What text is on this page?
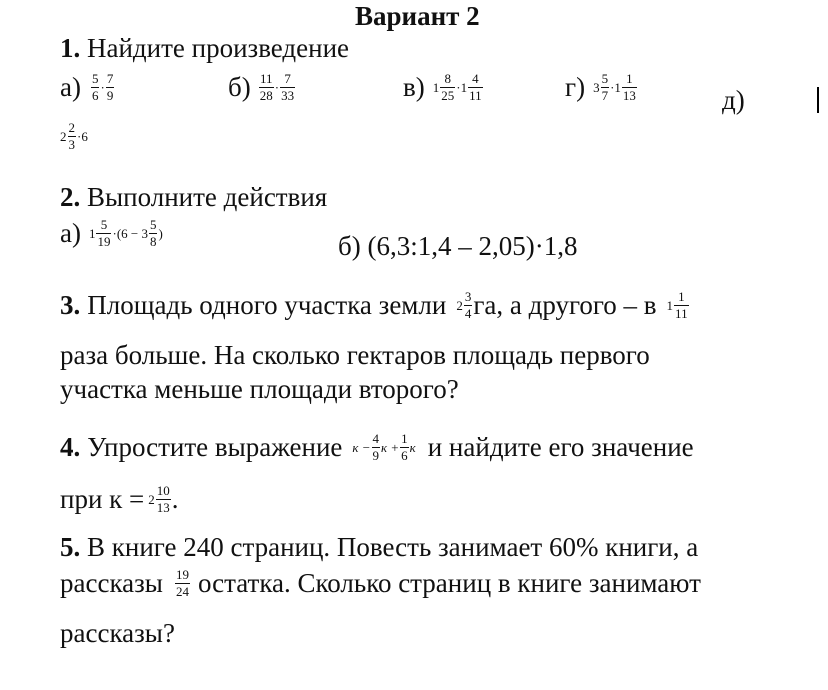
Вариант 2
1. Найдите произведение
а) 5
6
·
7
9	б) 11
28
·
7
33	в) 1
8
25
· 1
4
11	г) 3
5
7
· 1
1
13	д)
2
2
3
· 6
2. Выполните действия
а) 1
5
19
·(6 − 3
5
8
)	б) (6,3:1,4 – 2,05)·1,8
3. Площадь одного участка земли 2
3
4 га, а другого – в 1
1
11
раза больше. На сколько гектаров площадь первого
участка меньше площади второго?
4. Упростите выражение $к - \frac{4}{9}$ $к + \frac{1}{6}$ к и найдите его значение
при к = 2
10
13 .
5. В книге 240 страниц. Повесть занимает 60% книги, а
рассказы 19
24 остатка. Сколько страниц в книге занимают
рассказы?
